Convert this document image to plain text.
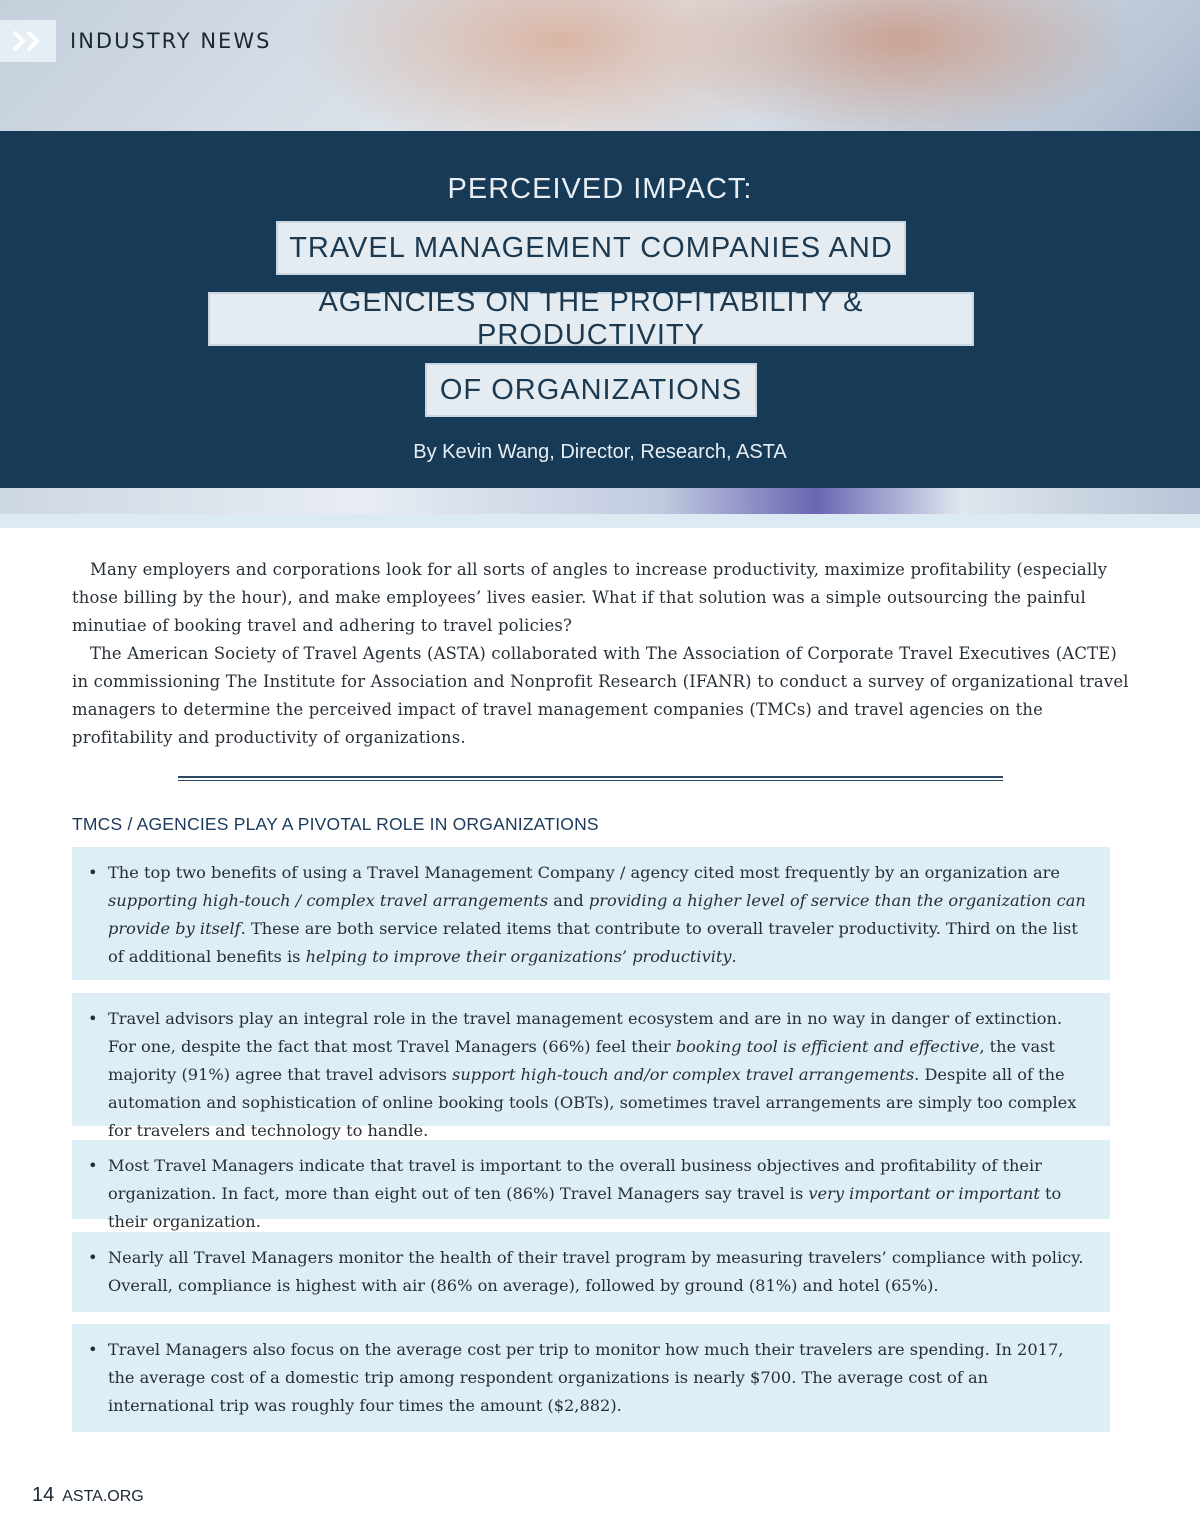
INDUSTRY NEWS
PERCEIVED IMPACT:
TRAVEL MANAGEMENT COMPANIES AND
AGENCIES ON THE PROFITABILITY & PRODUCTIVITY
OF ORGANIZATIONS
By Kevin Wang, Director, Research, ASTA

Many employers and corporations look for all sorts of angles to increase productivity, maximize profitability (especially those billing by the hour), and make employees’ lives easier. What if that solution was a simple outsourcing the painful minutiae of booking travel and adhering to travel policies?

The American Society of Travel Agents (ASTA) collaborated with The Association of Corporate Travel Executives (ACTE) in commissioning The Institute for Association and Nonprofit Research (IFANR) to conduct a survey of organizational travel managers to determine the perceived impact of travel management companies (TMCs) and travel agencies on the profitability and productivity of organizations.

TMCS / AGENCIES PLAY A PIVOTAL ROLE IN ORGANIZATIONS
• The top two benefits of using a Travel Management Company / agency cited most frequently by an organization are supporting high-touch / complex travel arrangements and providing a higher level of service than the organization can provide by itself. These are both service related items that contribute to overall traveler productivity. Third on the list of additional benefits is helping to improve their organizations’ productivity.
• Travel advisors play an integral role in the travel management ecosystem and are in no way in danger of extinction. For one, despite the fact that most Travel Managers (66%) feel their booking tool is efficient and effective, the vast majority (91%) agree that travel advisors support high-touch and/or complex travel arrangements. Despite all of the automation and sophistication of online booking tools (OBTs), sometimes travel arrangements are simply too complex for travelers and technology to handle.
• Most Travel Managers indicate that travel is important to the overall business objectives and profitability of their organization. In fact, more than eight out of ten (86%) Travel Managers say travel is very important or important to their organization.
• Nearly all Travel Managers monitor the health of their travel program by measuring travelers’ compliance with policy. Overall, compliance is highest with air (86% on average), followed by ground (81%) and hotel (65%).
• Travel Managers also focus on the average cost per trip to monitor how much their travelers are spending. In 2017, the average cost of a domestic trip among respondent organizations is nearly $700. The average cost of an international trip was roughly four times the amount ($2,882).
14 ASTA.ORG
